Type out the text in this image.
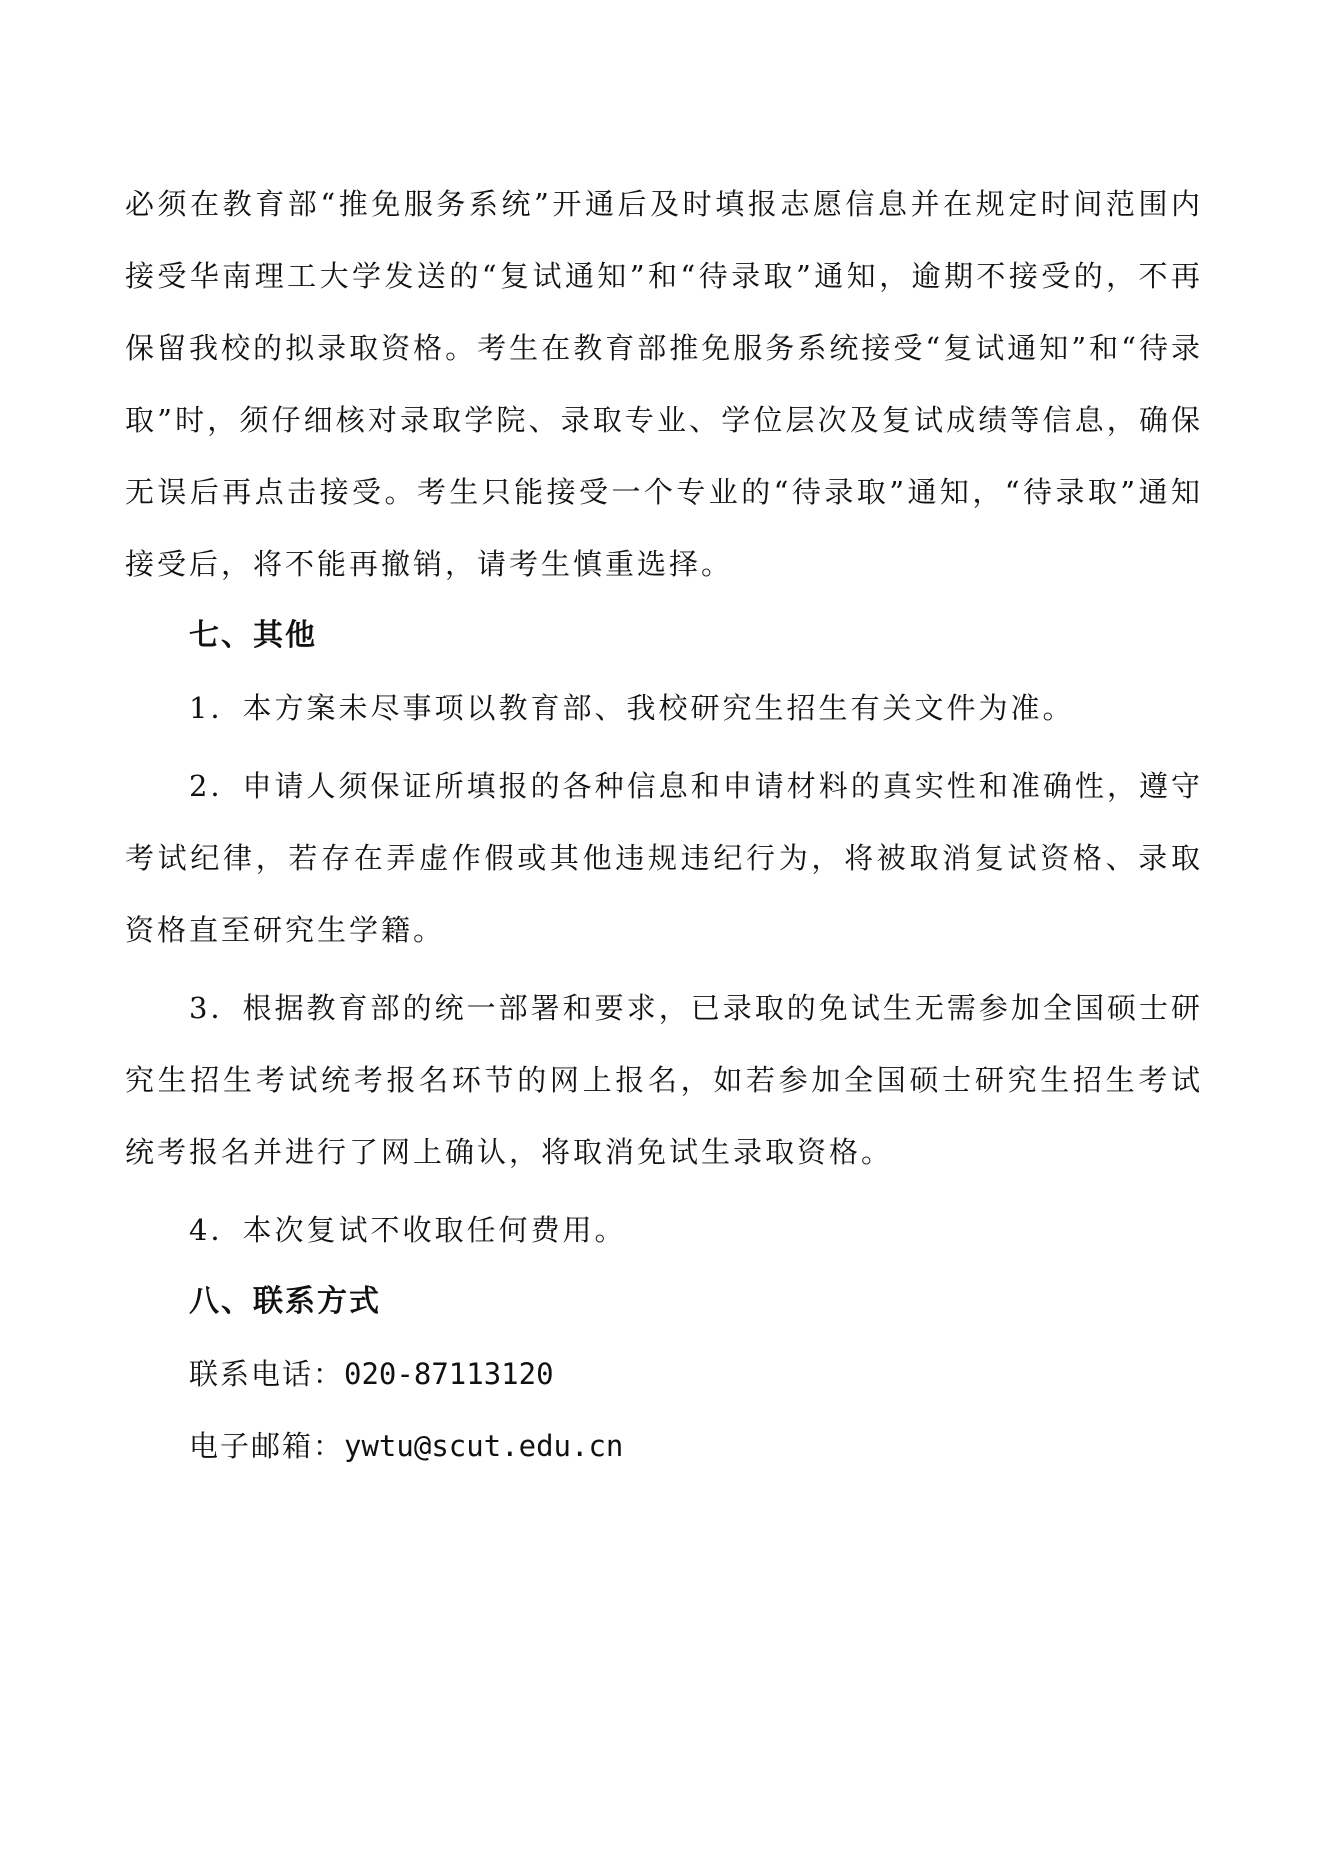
必须在教育部“推免服务系统”开通后及时填报志愿信息并在规定时间范围内接受华南理工大学发送的“复试通知”和“待录取”通知，逾期不接受的，不再保留我校的拟录取资格。考生在教育部推免服务系统接受“复试通知”和“待录取”时，须仔细核对录取学院、录取专业、学位层次及复试成绩等信息，确保无误后再点击接受。考生只能接受一个专业的“待录取”通知，“待录取”通知接受后，将不能再撤销，请考生慎重选择。

七、其他

1．本方案未尽事项以教育部、我校研究生招生有关文件为准。

2．申请人须保证所填报的各种信息和申请材料的真实性和准确性，遵守考试纪律，若存在弄虚作假或其他违规违纪行为，将被取消复试资格、录取资格直至研究生学籍。

3．根据教育部的统一部署和要求，已录取的免试生无需参加全国硕士研究生招生考试统考报名环节的网上报名，如若参加全国硕士研究生招生考试统考报名并进行了网上确认，将取消免试生录取资格。

4．本次复试不收取任何费用。

八、联系方式

联系电话：020-87113120

电子邮箱：ywtu@scut.edu.cn
